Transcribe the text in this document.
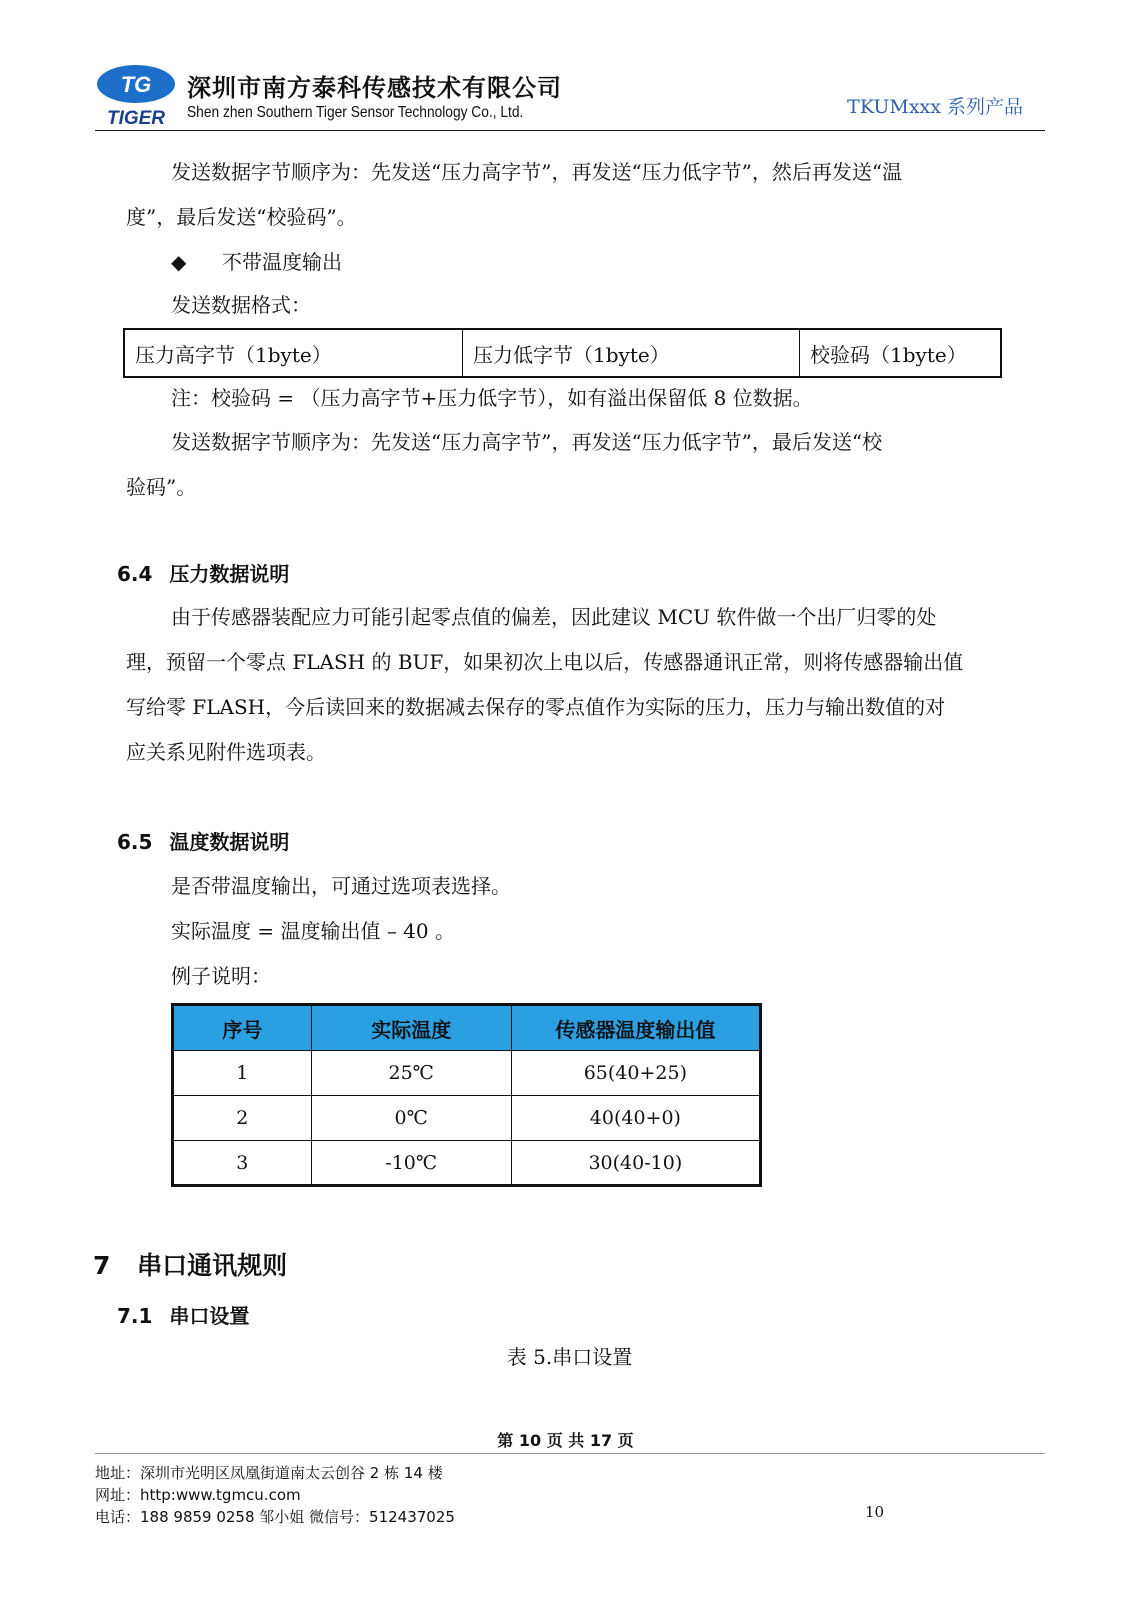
TG
TIGER
深圳市南方泰科传感技术有限公司
Shen zhen Southern Tiger Sensor Technology Co., Ltd.	TKUMxxx 系列产品
发送数据字节顺序为：先发送“压力高字节”，再发送“压力低字节”，然后再发送“温
度”，最后发送“校验码”。
◆ 不带温度输出
发送数据格式：
压力高字节（1byte）	压力低字节（1byte）	校验码（1byte）
注：校验码 = （压力高字节+压力低字节），如有溢出保留低 8 位数据。
发送数据字节顺序为：先发送“压力高字节”，再发送“压力低字节”，最后发送“校
验码”。
6.4 压力数据说明
由于传感器装配应力可能引起零点值的偏差，因此建议 MCU 软件做一个出厂归零的处
理，预留一个零点 FLASH 的 BUF，如果初次上电以后，传感器通讯正常，则将传感器输出值
写给零 FLASH，今后读回来的数据减去保存的零点值作为实际的压力，压力与输出数值的对
应关系见附件选项表。
6.5 温度数据说明
是否带温度输出，可通过选项表选择。
实际温度 = 温度输出值 – 40 。
例子说明：
序号	实际温度	传感器温度输出值
1	25℃	65(40+25)
2	0℃	40(40+0)
3	-10℃	30(40-10)
7 串口通讯规则
7.1 串口设置
表 5.串口设置
第 10 页 共 17 页
地址：深圳市光明区凤凰街道南太云创谷 2 栋 14 楼
网址：http:www.tgmcu.com
电话：188 9859 0258 邹小姐 微信号：512437025	10
